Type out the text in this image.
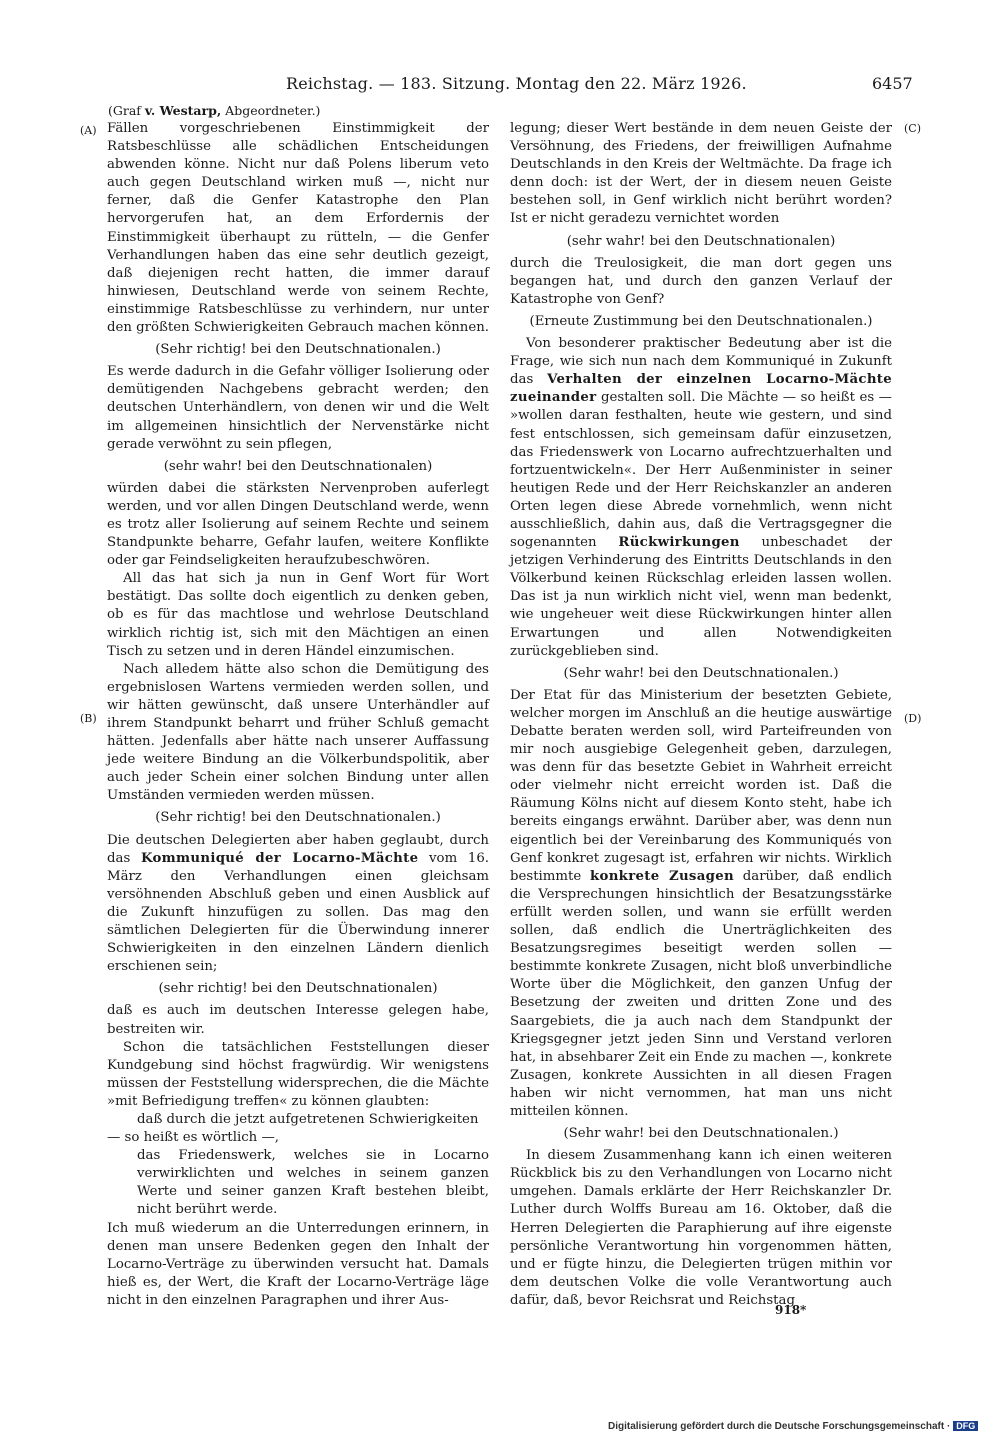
Reichstag. — 183. Sitzung. Montag den 22. März 1926.	6457
(Graf v. Westarp, Abgeordneter.)
(A)
(B)
(C)
(D)

Fällen vorgeschriebenen Einstimmigkeit der Ratsbeschlüsse alle schädlichen Entscheidungen abwenden könne. Nicht nur daß Polens liberum veto auch gegen Deutschland wirken muß —, nicht nur ferner, daß die Genfer Katastrophe den Plan hervorgerufen hat, an dem Erfordernis der Einstimmigkeit überhaupt zu rütteln, — die Genfer Verhandlungen haben das eine sehr deutlich gezeigt, daß diejenigen recht hatten, die immer darauf hinwiesen, Deutschland werde von seinem Rechte, einstimmige Ratsbeschlüsse zu verhindern, nur unter den größten Schwierigkeiten Gebrauch machen können.

(Sehr richtig! bei den Deutschnationalen.)

Es werde dadurch in die Gefahr völliger Isolierung oder demütigenden Nachgebens gebracht werden; den deutschen Unterhändlern, von denen wir und die Welt im allgemeinen hinsichtlich der Nervenstärke nicht gerade verwöhnt zu sein pflegen,

(sehr wahr! bei den Deutschnationalen)

würden dabei die stärksten Nervenproben auferlegt werden, und vor allen Dingen Deutschland werde, wenn es trotz aller Isolierung auf seinem Rechte und seinem Standpunkte beharre, Gefahr laufen, weitere Konflikte oder gar Feindseligkeiten heraufzubeschwören.

All das hat sich ja nun in Genf Wort für Wort bestätigt. Das sollte doch eigentlich zu denken geben, ob es für das machtlose und wehrlose Deutschland wirklich richtig ist, sich mit den Mächtigen an einen Tisch zu setzen und in deren Händel einzumischen.

Nach alledem hätte also schon die Demütigung des ergebnislosen Wartens vermieden werden sollen, und wir hätten gewünscht, daß unsere Unterhändler auf ihrem Standpunkt beharrt und früher Schluß gemacht hätten. Jedenfalls aber hätte nach unserer Auffassung jede weitere Bindung an die Völkerbundspolitik, aber auch jeder Schein einer solchen Bindung unter allen Umständen vermieden werden müssen.

(Sehr richtig! bei den Deutschnationalen.)

Die deutschen Delegierten aber haben geglaubt, durch das Kommuniqué der Locarno-Mächte vom 16. März den Verhandlungen einen gleichsam versöhnenden Abschluß geben und einen Ausblick auf die Zukunft hinzufügen zu sollen. Das mag den sämtlichen Delegierten für die Überwindung innerer Schwierigkeiten in den einzelnen Ländern dienlich erschienen sein;

(sehr richtig! bei den Deutschnationalen)

daß es auch im deutschen Interesse gelegen habe, bestreiten wir.

Schon die tatsächlichen Feststellungen dieser Kundgebung sind höchst fragwürdig. Wir wenigstens müssen der Feststellung widersprechen, die die Mächte »mit Befriedigung treffen« zu können glaubten:

daß durch die jetzt aufgetretenen Schwierigkeiten

— so heißt es wörtlich —,

das Friedenswerk, welches sie in Locarno verwirklichten und welches in seinem ganzen Werte und seiner ganzen Kraft bestehen bleibt, nicht berührt werde.

Ich muß wiederum an die Unterredungen erinnern, in denen man unsere Bedenken gegen den Inhalt der Locarno-Verträge zu überwinden versucht hat. Damals hieß es, der Wert, die Kraft der Locarno-Verträge läge nicht in den einzelnen Paragraphen und ihrer Aus-

legung; dieser Wert bestände in dem neuen Geiste der Versöhnung, des Friedens, der freiwilligen Aufnahme Deutschlands in den Kreis der Weltmächte. Da frage ich denn doch: ist der Wert, der in diesem neuen Geiste bestehen soll, in Genf wirklich nicht berührt worden? Ist er nicht geradezu vernichtet worden

(sehr wahr! bei den Deutschnationalen)

durch die Treulosigkeit, die man dort gegen uns begangen hat, und durch den ganzen Verlauf der Katastrophe von Genf?

(Erneute Zustimmung bei den Deutschnationalen.)

Von besonderer praktischer Bedeutung aber ist die Frage, wie sich nun nach dem Kommuniqué in Zukunft das Verhalten der einzelnen Locarno-Mächte zueinander gestalten soll. Die Mächte — so heißt es — »wollen daran festhalten, heute wie gestern, und sind fest entschlossen, sich gemeinsam dafür einzusetzen, das Friedenswerk von Locarno aufrechtzuerhalten und fortzuentwickeln«. Der Herr Außenminister in seiner heutigen Rede und der Herr Reichskanzler an anderen Orten legen diese Abrede vornehmlich, wenn nicht ausschließlich, dahin aus, daß die Vertragsgegner die sogenannten Rückwirkungen unbeschadet der jetzigen Verhinderung des Eintritts Deutschlands in den Völkerbund keinen Rückschlag erleiden lassen wollen. Das ist ja nun wirklich nicht viel, wenn man bedenkt, wie ungeheuer weit diese Rückwirkungen hinter allen Erwartungen und allen Notwendigkeiten zurückgeblieben sind.

(Sehr wahr! bei den Deutschnationalen.)

Der Etat für das Ministerium der besetzten Gebiete, welcher morgen im Anschluß an die heutige auswärtige Debatte beraten werden soll, wird Parteifreunden von mir noch ausgiebige Gelegenheit geben, darzulegen, was denn für das besetzte Gebiet in Wahrheit erreicht oder vielmehr nicht erreicht worden ist. Daß die Räumung Kölns nicht auf diesem Konto steht, habe ich bereits eingangs erwähnt. Darüber aber, was denn nun eigentlich bei der Vereinbarung des Kommuniqués von Genf konkret zugesagt ist, erfahren wir nichts. Wirklich bestimmte konkrete Zusagen darüber, daß endlich die Versprechungen hinsichtlich der Besatzungsstärke erfüllt werden sollen, und wann sie erfüllt werden sollen, daß endlich die Unerträglichkeiten des Besatzungsregimes beseitigt werden sollen — bestimmte konkrete Zusagen, nicht bloß unverbindliche Worte über die Möglichkeit, den ganzen Unfug der Besetzung der zweiten und dritten Zone und des Saargebiets, die ja auch nach dem Standpunkt der Kriegsgegner jetzt jeden Sinn und Verstand verloren hat, in absehbarer Zeit ein Ende zu machen —, konkrete Zusagen, konkrete Aussichten in all diesen Fragen haben wir nicht vernommen, hat man uns nicht mitteilen können.

(Sehr wahr! bei den Deutschnationalen.)

In diesem Zusammenhang kann ich einen weiteren Rückblick bis zu den Verhandlungen von Locarno nicht umgehen. Damals erklärte der Herr Reichskanzler Dr. Luther durch Wolffs Bureau am 16. Oktober, daß die Herren Delegierten die Paraphierung auf ihre eigenste persönliche Verantwortung hin vorgenommen hätten, und er fügte hinzu, die Delegierten trügen mithin vor dem deutschen Volke die volle Verantwortung auch dafür, daß, bevor Reichsrat und Reichstag

918*
Digitalisierung gefördert durch die Deutsche Forschungsgemeinschaft · DFG
